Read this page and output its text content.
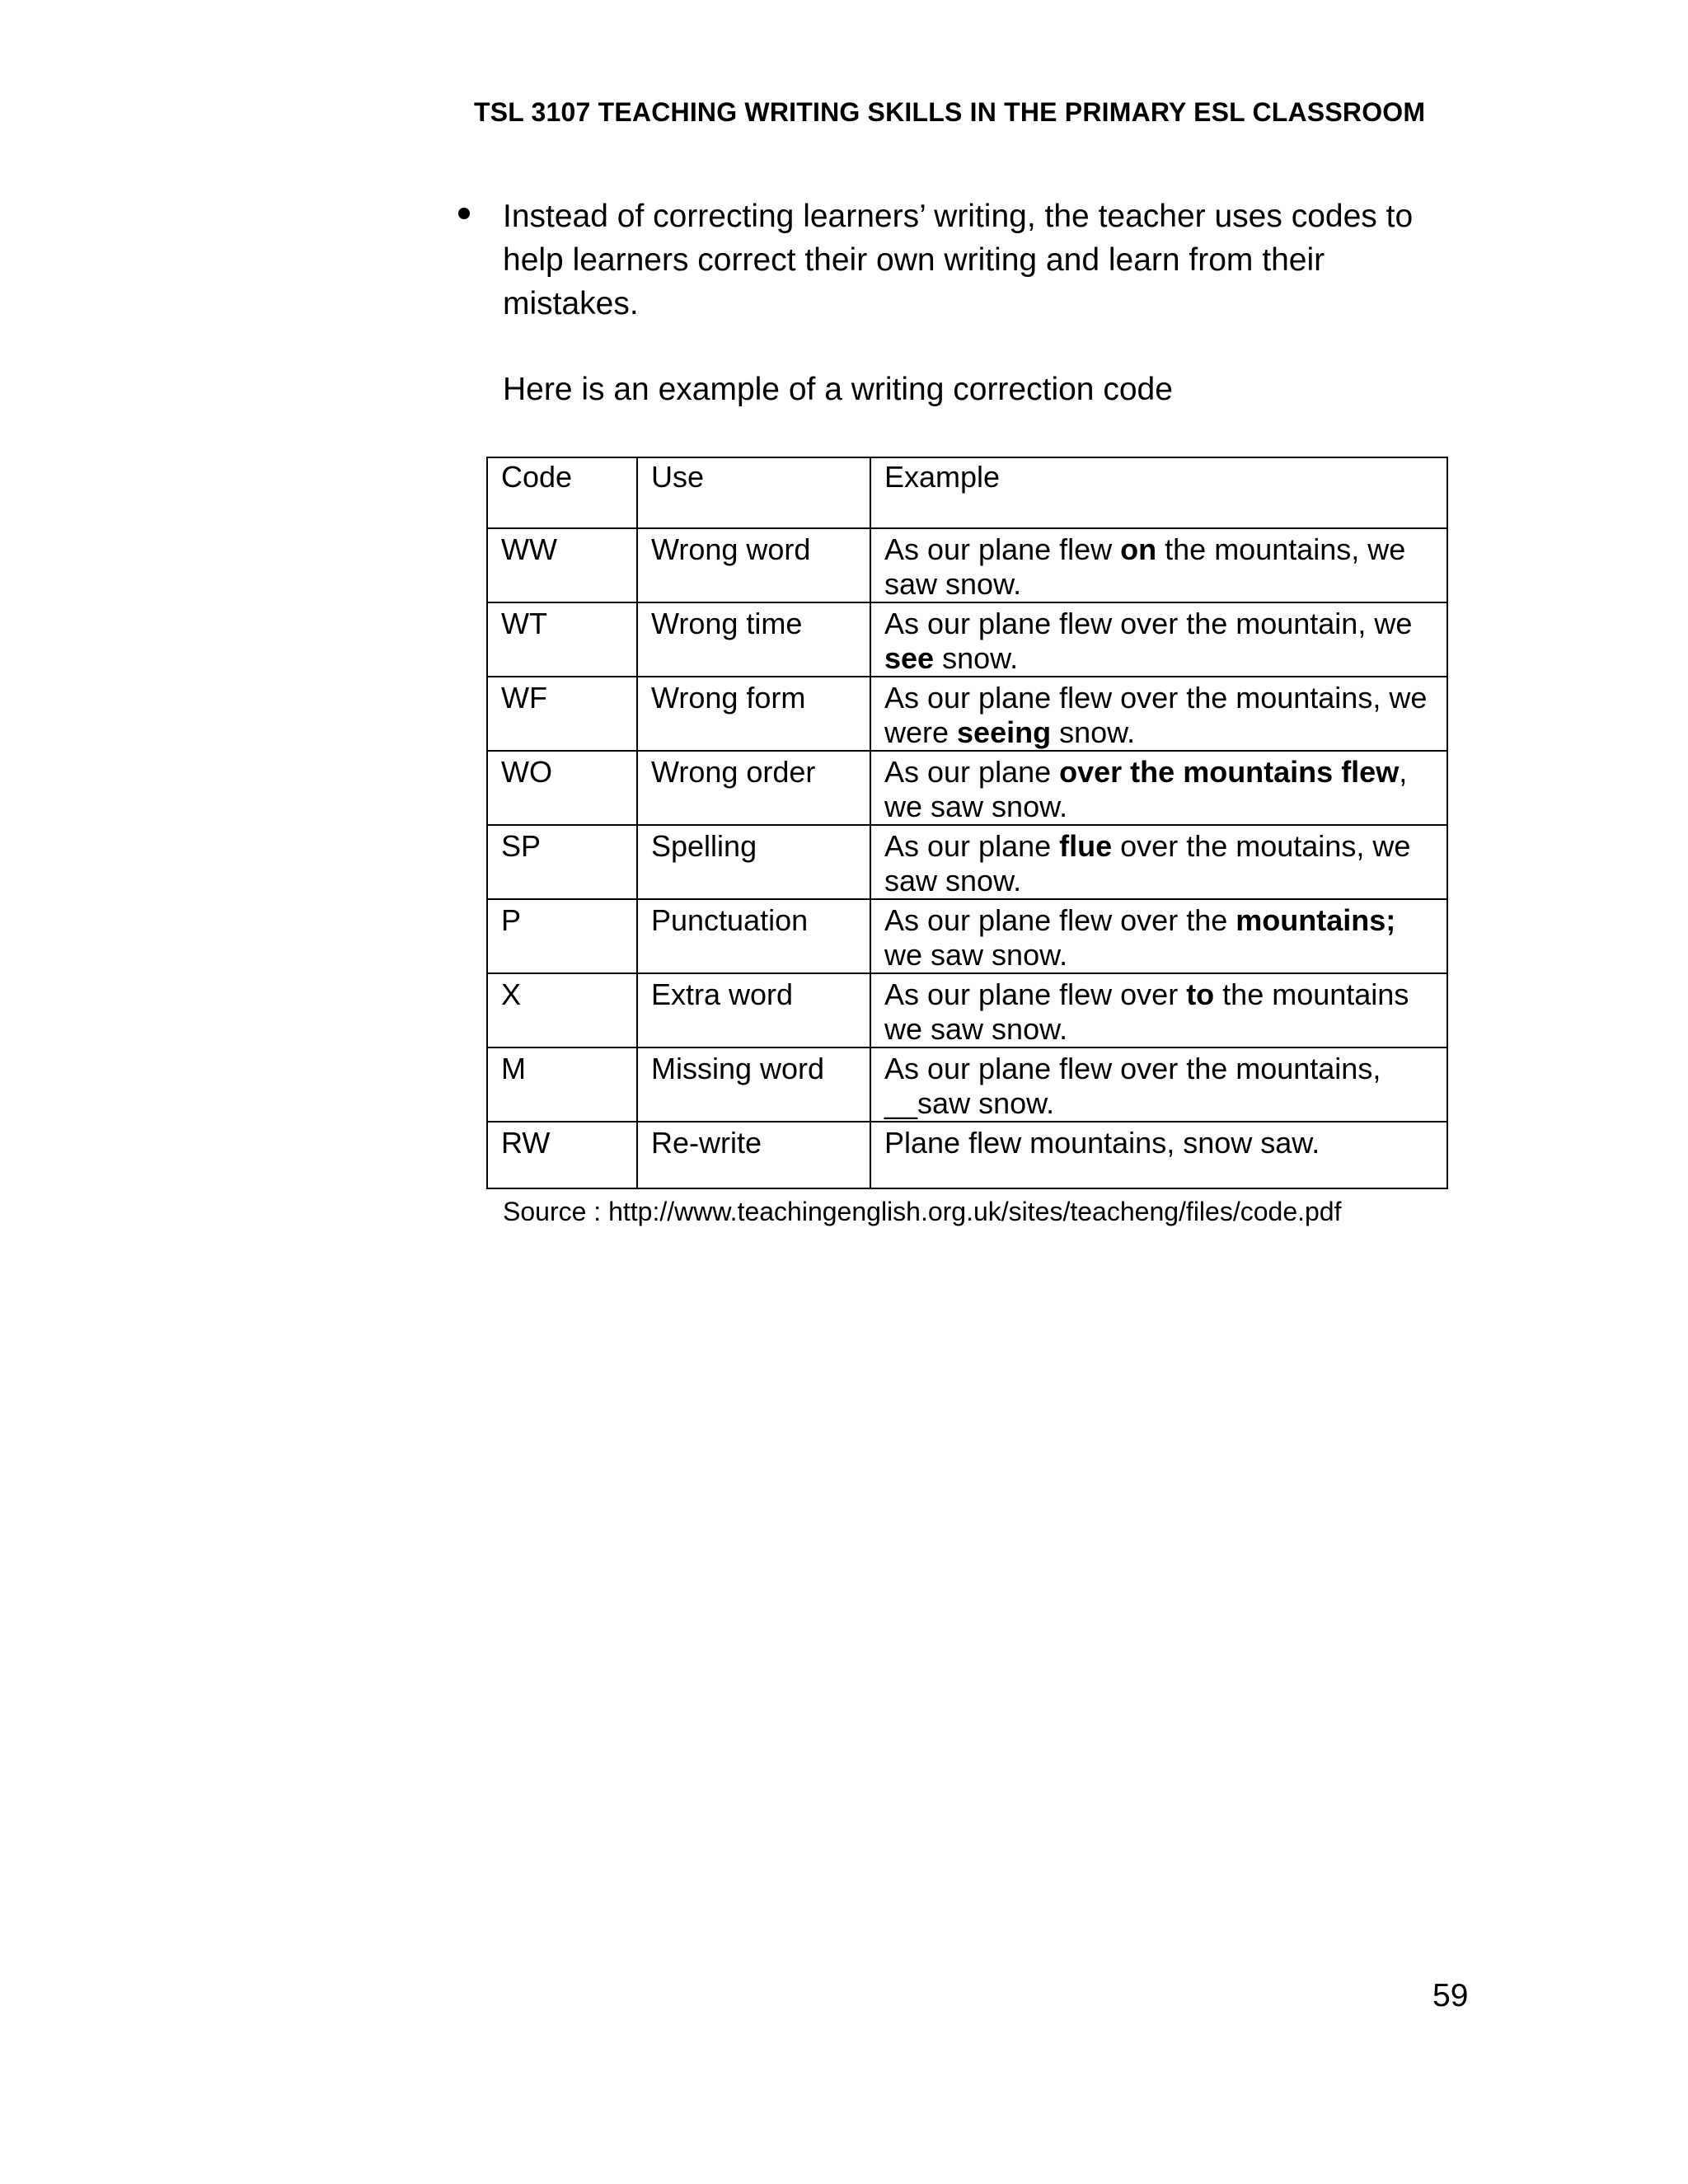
TSL 3107 TEACHING WRITING SKILLS IN THE PRIMARY ESL CLASSROOM
Instead of correcting learners’ writing, the teacher uses codes to
help learners correct their own writing and learn from their
mistakes.
Here is an example of a writing correction code
Code	Use	Example
WW	Wrong word	As our plane flew on the mountains, we saw snow.
WT	Wrong time	As our plane flew over the mountain, we see snow.
WF	Wrong form	As our plane flew over the mountains, we were seeing snow.
WO	Wrong order	As our plane over the mountains flew, we saw snow.
SP	Spelling	As our plane flue over the moutains, we saw snow.
P	Punctuation	As our plane flew over the mountains; we saw snow.
X	Extra word	As our plane flew over to the mountains we saw snow.
M	Missing word	As our plane flew over the mountains, __saw snow.
RW	Re-write	Plane flew mountains, snow saw.
Source : http://www.teachingenglish.org.uk/sites/teacheng/files/code.pdf
59
